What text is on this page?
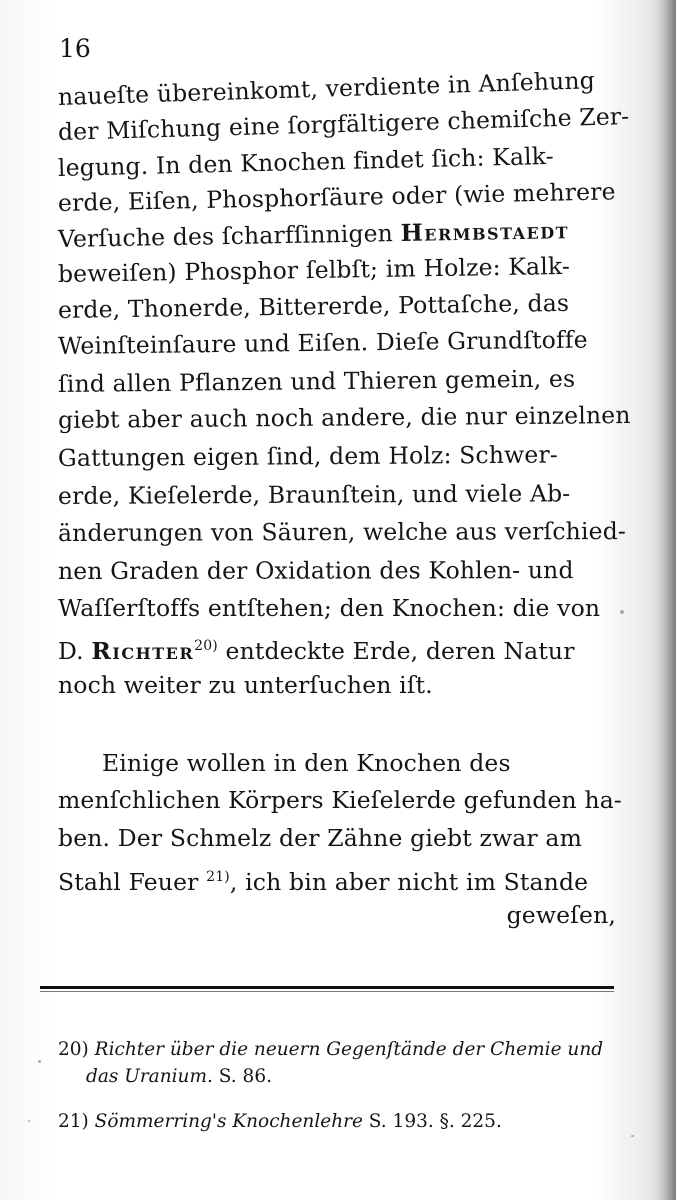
16
naueſte übereinkomt, verdiente in Anſehung
der Miſchung eine ſorgfältigere chemiſche Zer-
legung. In den Knochen findet ſich: Kalk-
erde, Eiſen, Phosphorſäure oder (wie mehrere
Verſuche des ſcharfſinnigen Hermbstaedt
beweiſen) Phosphor ſelbſt; im Holze: Kalk-
erde, Thonerde, Bittererde, Pottaſche, das
Weinſteinſaure und Eiſen. Dieſe Grundſtoffe
ſind allen Pflanzen und Thieren gemein, es
giebt aber auch noch andere, die nur einzelnen
Gattungen eigen ſind, dem Holz: Schwer-
erde, Kieſelerde, Braunſtein, und viele Ab-
änderungen von Säuren, welche aus verſchied-
nen Graden der Oxidation des Kohlen- und
Waſſerſtoffs entſtehen; den Knochen: die von
D. Richter$^{20)}$ entdeckte Erde, deren Natur
noch weiter zu unterſuchen iſt.
Einige wollen in den Knochen des
menſchlichen Körpers Kieſelerde gefunden ha-
ben. Der Schmelz der Zähne giebt zwar am
Stahl Feuer $^{21)}$, ich bin aber nicht im Stande
geweſen,
20) Richter über die neuern Gegenſtände der Chemie und
das Uranium. S. 86.
21) Sömmerring's Knochenlehre S. 193. §. 225.
